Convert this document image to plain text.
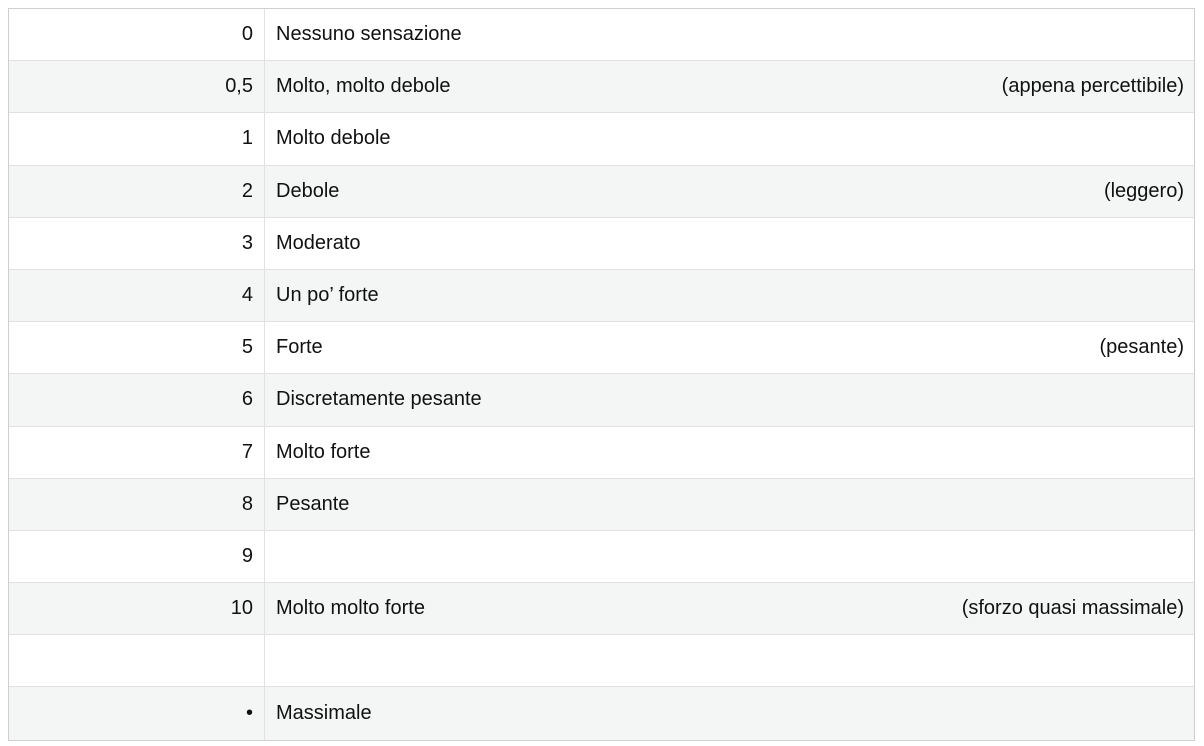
0	Nessuno sensazione
0,5	Molto, molto debole	(appena percettibile)
1	Molto debole
2	Debole	(leggero)
3	Moderato
4	Un po’ forte
5	Forte	(pesante)
6	Discretamente pesante
7	Molto forte
8	Pesante
9
10	Molto molto forte	(sforzo quasi massimale)
•	Massimale
